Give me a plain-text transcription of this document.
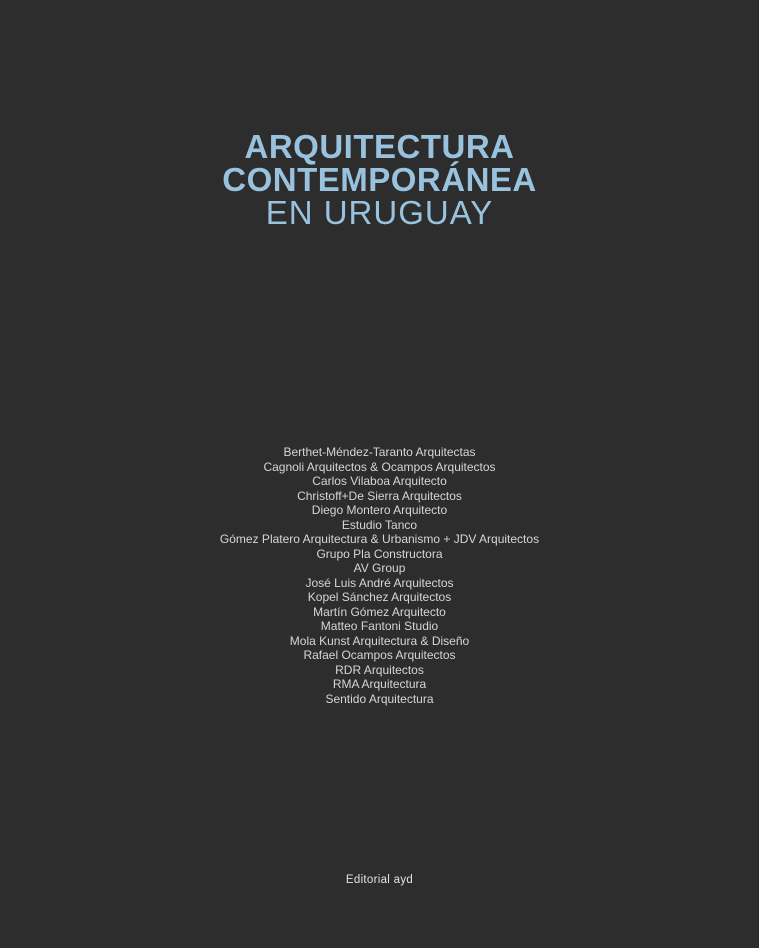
ARQUITECTURA
CONTEMPORÁNEA
EN URUGUAY
Berthet-Méndez-Taranto Arquitectas
Cagnoli Arquitectos & Ocampos Arquitectos
Carlos Vilaboa Arquitecto
Christoff+De Sierra Arquitectos
Diego Montero Arquitecto
Estudio Tanco
Gómez Platero Arquitectura & Urbanismo + JDV Arquitectos
Grupo Pla Constructora
AV Group
José Luis André Arquitectos
Kopel Sánchez Arquitectos
Martín Gómez Arquitecto
Matteo Fantoni Studio
Mola Kunst Arquitectura & Diseño
Rafael Ocampos Arquitectos
RDR Arquitectos
RMA Arquitectura
Sentido Arquitectura
Editorial ayd
